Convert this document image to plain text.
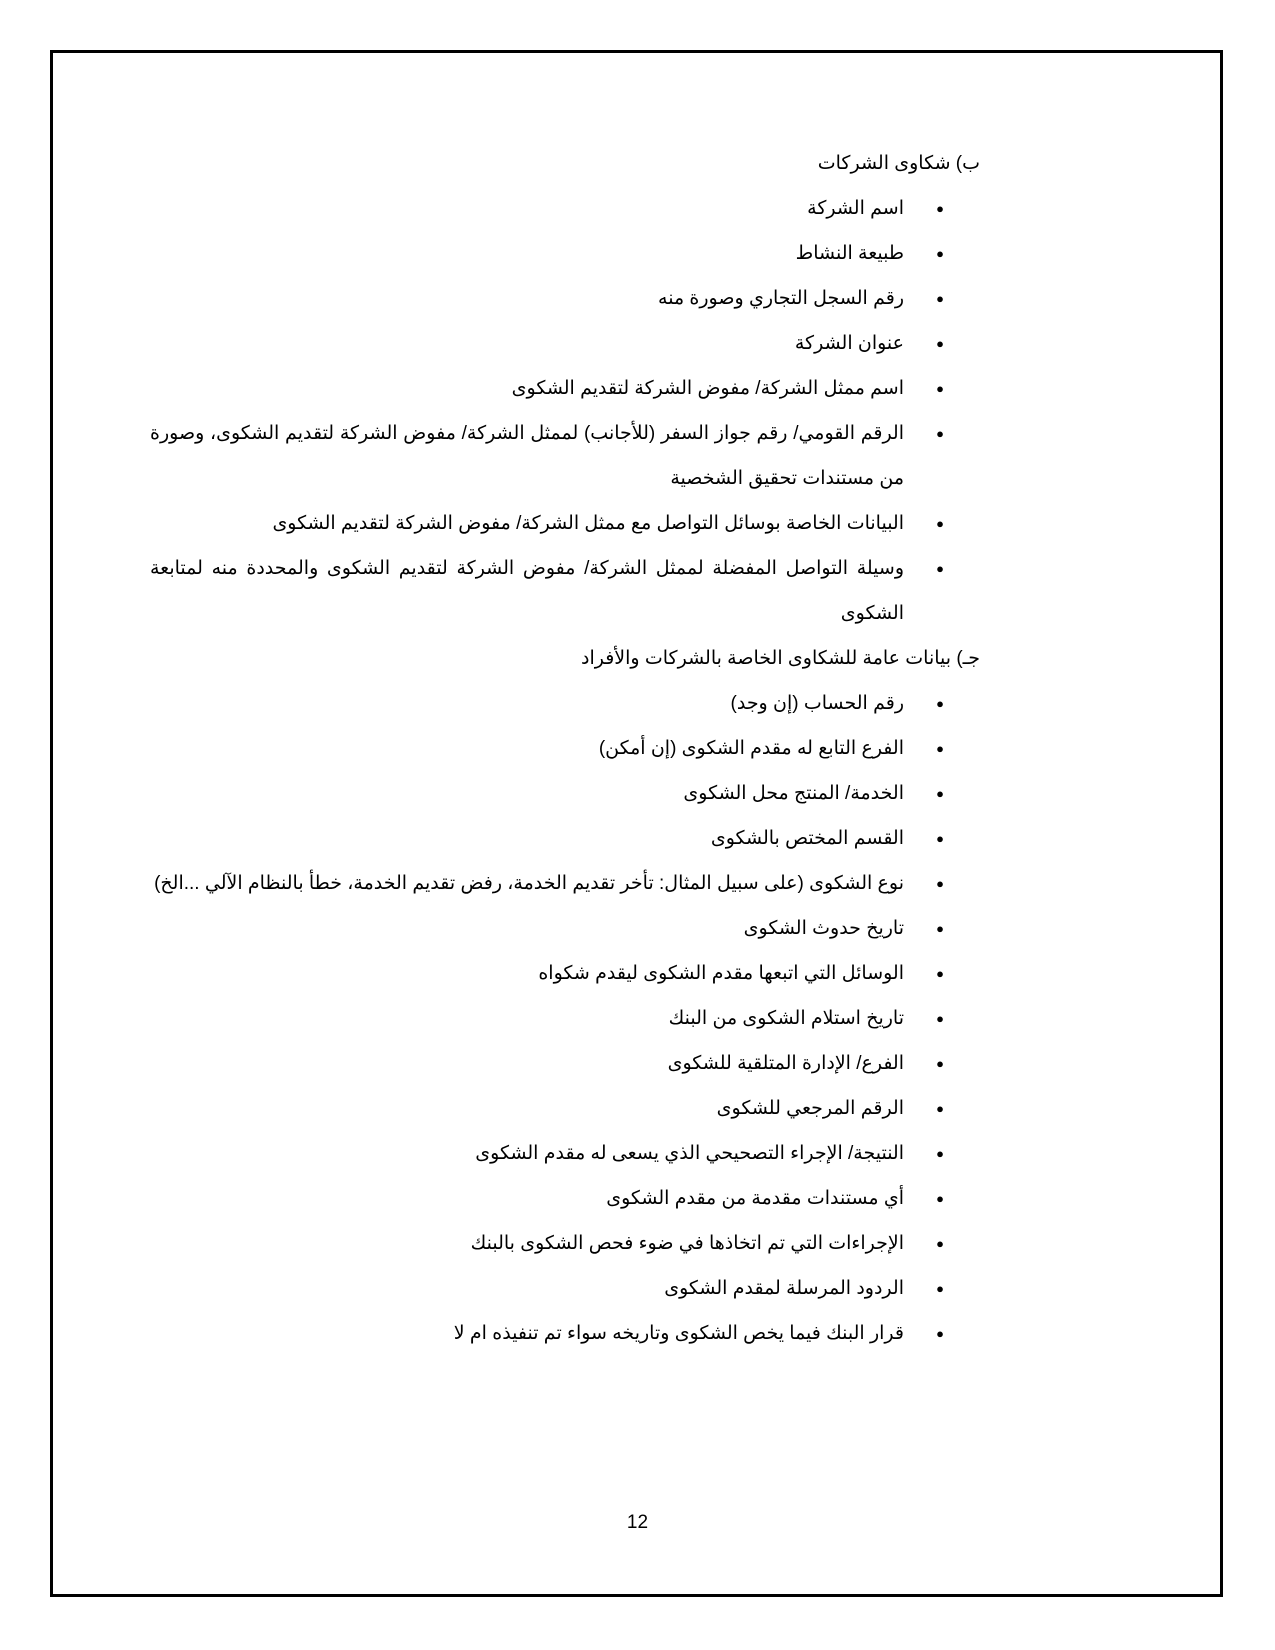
ب) شكاوى الشركات
●
اسم الشركة
●
طبيعة النشاط
●
رقم السجل التجاري وصورة منه
●
عنوان الشركة
●
اسم ممثل الشركة/ مفوض الشركة لتقديم الشكوى
●
الرقم القومي/ رقم جواز السفر (للأجانب) لممثل الشركة/ مفوض الشركة لتقديم الشكوى، وصورة من مستندات تحقيق الشخصية
●
البيانات الخاصة بوسائل التواصل مع ممثل الشركة/ مفوض الشركة لتقديم الشكوى
●
وسيلة التواصل المفضلة لممثل الشركة/ مفوض الشركة لتقديم الشكوى والمحددة منه لمتابعة الشكوى
جـ) بيانات عامة للشكاوى الخاصة بالشركات والأفراد
●
رقم الحساب (إن وجد)
●
الفرع التابع له مقدم الشكوى (إن أمكن)
●
الخدمة/ المنتج محل الشكوى
●
القسم المختص بالشكوى
●
نوع الشكوى (على سبيل المثال: تأخر تقديم الخدمة، رفض تقديم الخدمة، خطأ بالنظام الآلي ...الخ)
●
تاريخ حدوث الشكوى
●
الوسائل التي اتبعها مقدم الشكوى ليقدم شكواه
●
تاريخ استلام الشكوى من البنك
●
الفرع/ الإدارة المتلقية للشكوى
●
الرقم المرجعي للشكوى
●
النتيجة/ الإجراء التصحيحي الذي يسعى له مقدم الشكوى
●
أي مستندات مقدمة من مقدم الشكوى
●
الإجراءات التي تم اتخاذها في ضوء فحص الشكوى بالبنك
●
الردود المرسلة لمقدم الشكوى
●
قرار البنك فيما يخص الشكوى وتاريخه سواء تم تنفيذه ام لا
12
